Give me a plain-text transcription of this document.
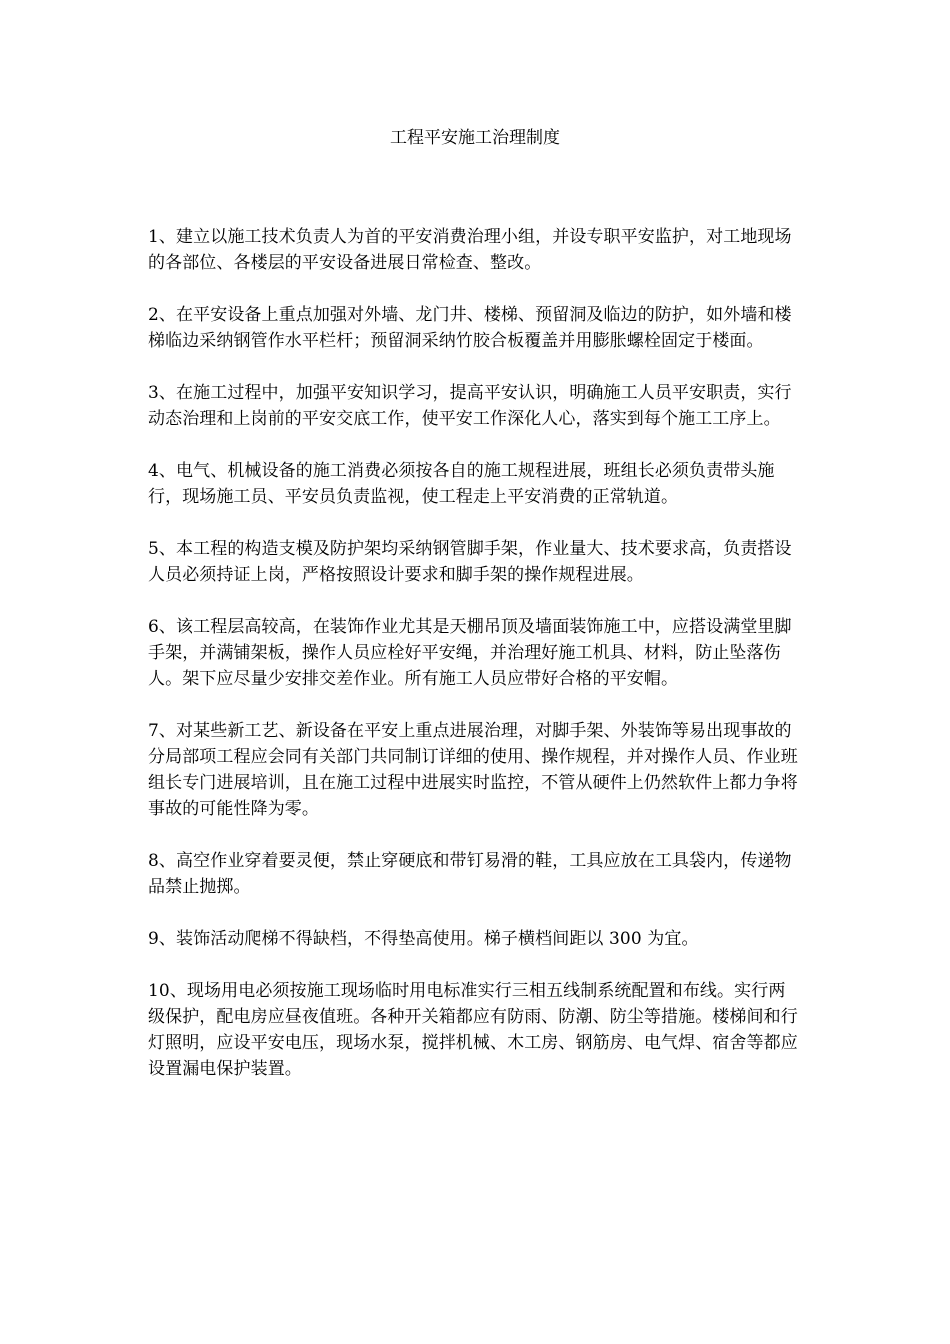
工程平安施工治理制度

1、建立以施工技术负责人为首的平安消费治理小组，并设专职平安监护，对工地现场的各部位、各楼层的平安设备进展日常检查、整改。

2、在平安设备上重点加强对外墙、龙门井、楼梯、预留洞及临边的防护，如外墙和楼梯临边采纳钢管作水平栏杆；预留洞采纳竹胶合板覆盖并用膨胀螺栓固定于楼面。

3、在施工过程中，加强平安知识学习，提高平安认识，明确施工人员平安职责，实行动态治理和上岗前的平安交底工作，使平安工作深化人心，落实到每个施工工序上。

4、电气、机械设备的施工消费必须按各自的施工规程进展，班组长必须负责带头施行，现场施工员、平安员负责监视，使工程走上平安消费的正常轨道。

5、本工程的构造支模及防护架均采纳钢管脚手架，作业量大、技术要求高，负责搭设人员必须持证上岗，严格按照设计要求和脚手架的操作规程进展。

6、该工程层高较高，在装饰作业尤其是天棚吊顶及墙面装饰施工中，应搭设满堂里脚手架，并满铺架板，操作人员应栓好平安绳，并治理好施工机具、材料，防止坠落伤人。架下应尽量少安排交差作业。所有施工人员应带好合格的平安帽。

7、对某些新工艺、新设备在平安上重点进展治理，对脚手架、外装饰等易出现事故的分局部项工程应会同有关部门共同制订详细的使用、操作规程，并对操作人员、作业班组长专门进展培训，且在施工过程中进展实时监控，不管从硬件上仍然软件上都力争将事故的可能性降为零。

8、高空作业穿着要灵便，禁止穿硬底和带钉易滑的鞋，工具应放在工具袋内，传递物品禁止抛掷。

9、装饰活动爬梯不得缺档，不得垫高使用。梯子横档间距以 300 为宜。

10、现场用电必须按施工现场临时用电标准实行三相五线制系统配置和布线。实行两级保护，配电房应昼夜值班。各种开关箱都应有防雨、防潮、防尘等措施。楼梯间和行灯照明，应设平安电压，现场水泵，搅拌机械、木工房、钢筋房、电气焊、宿舍等都应设置漏电保护装置。
